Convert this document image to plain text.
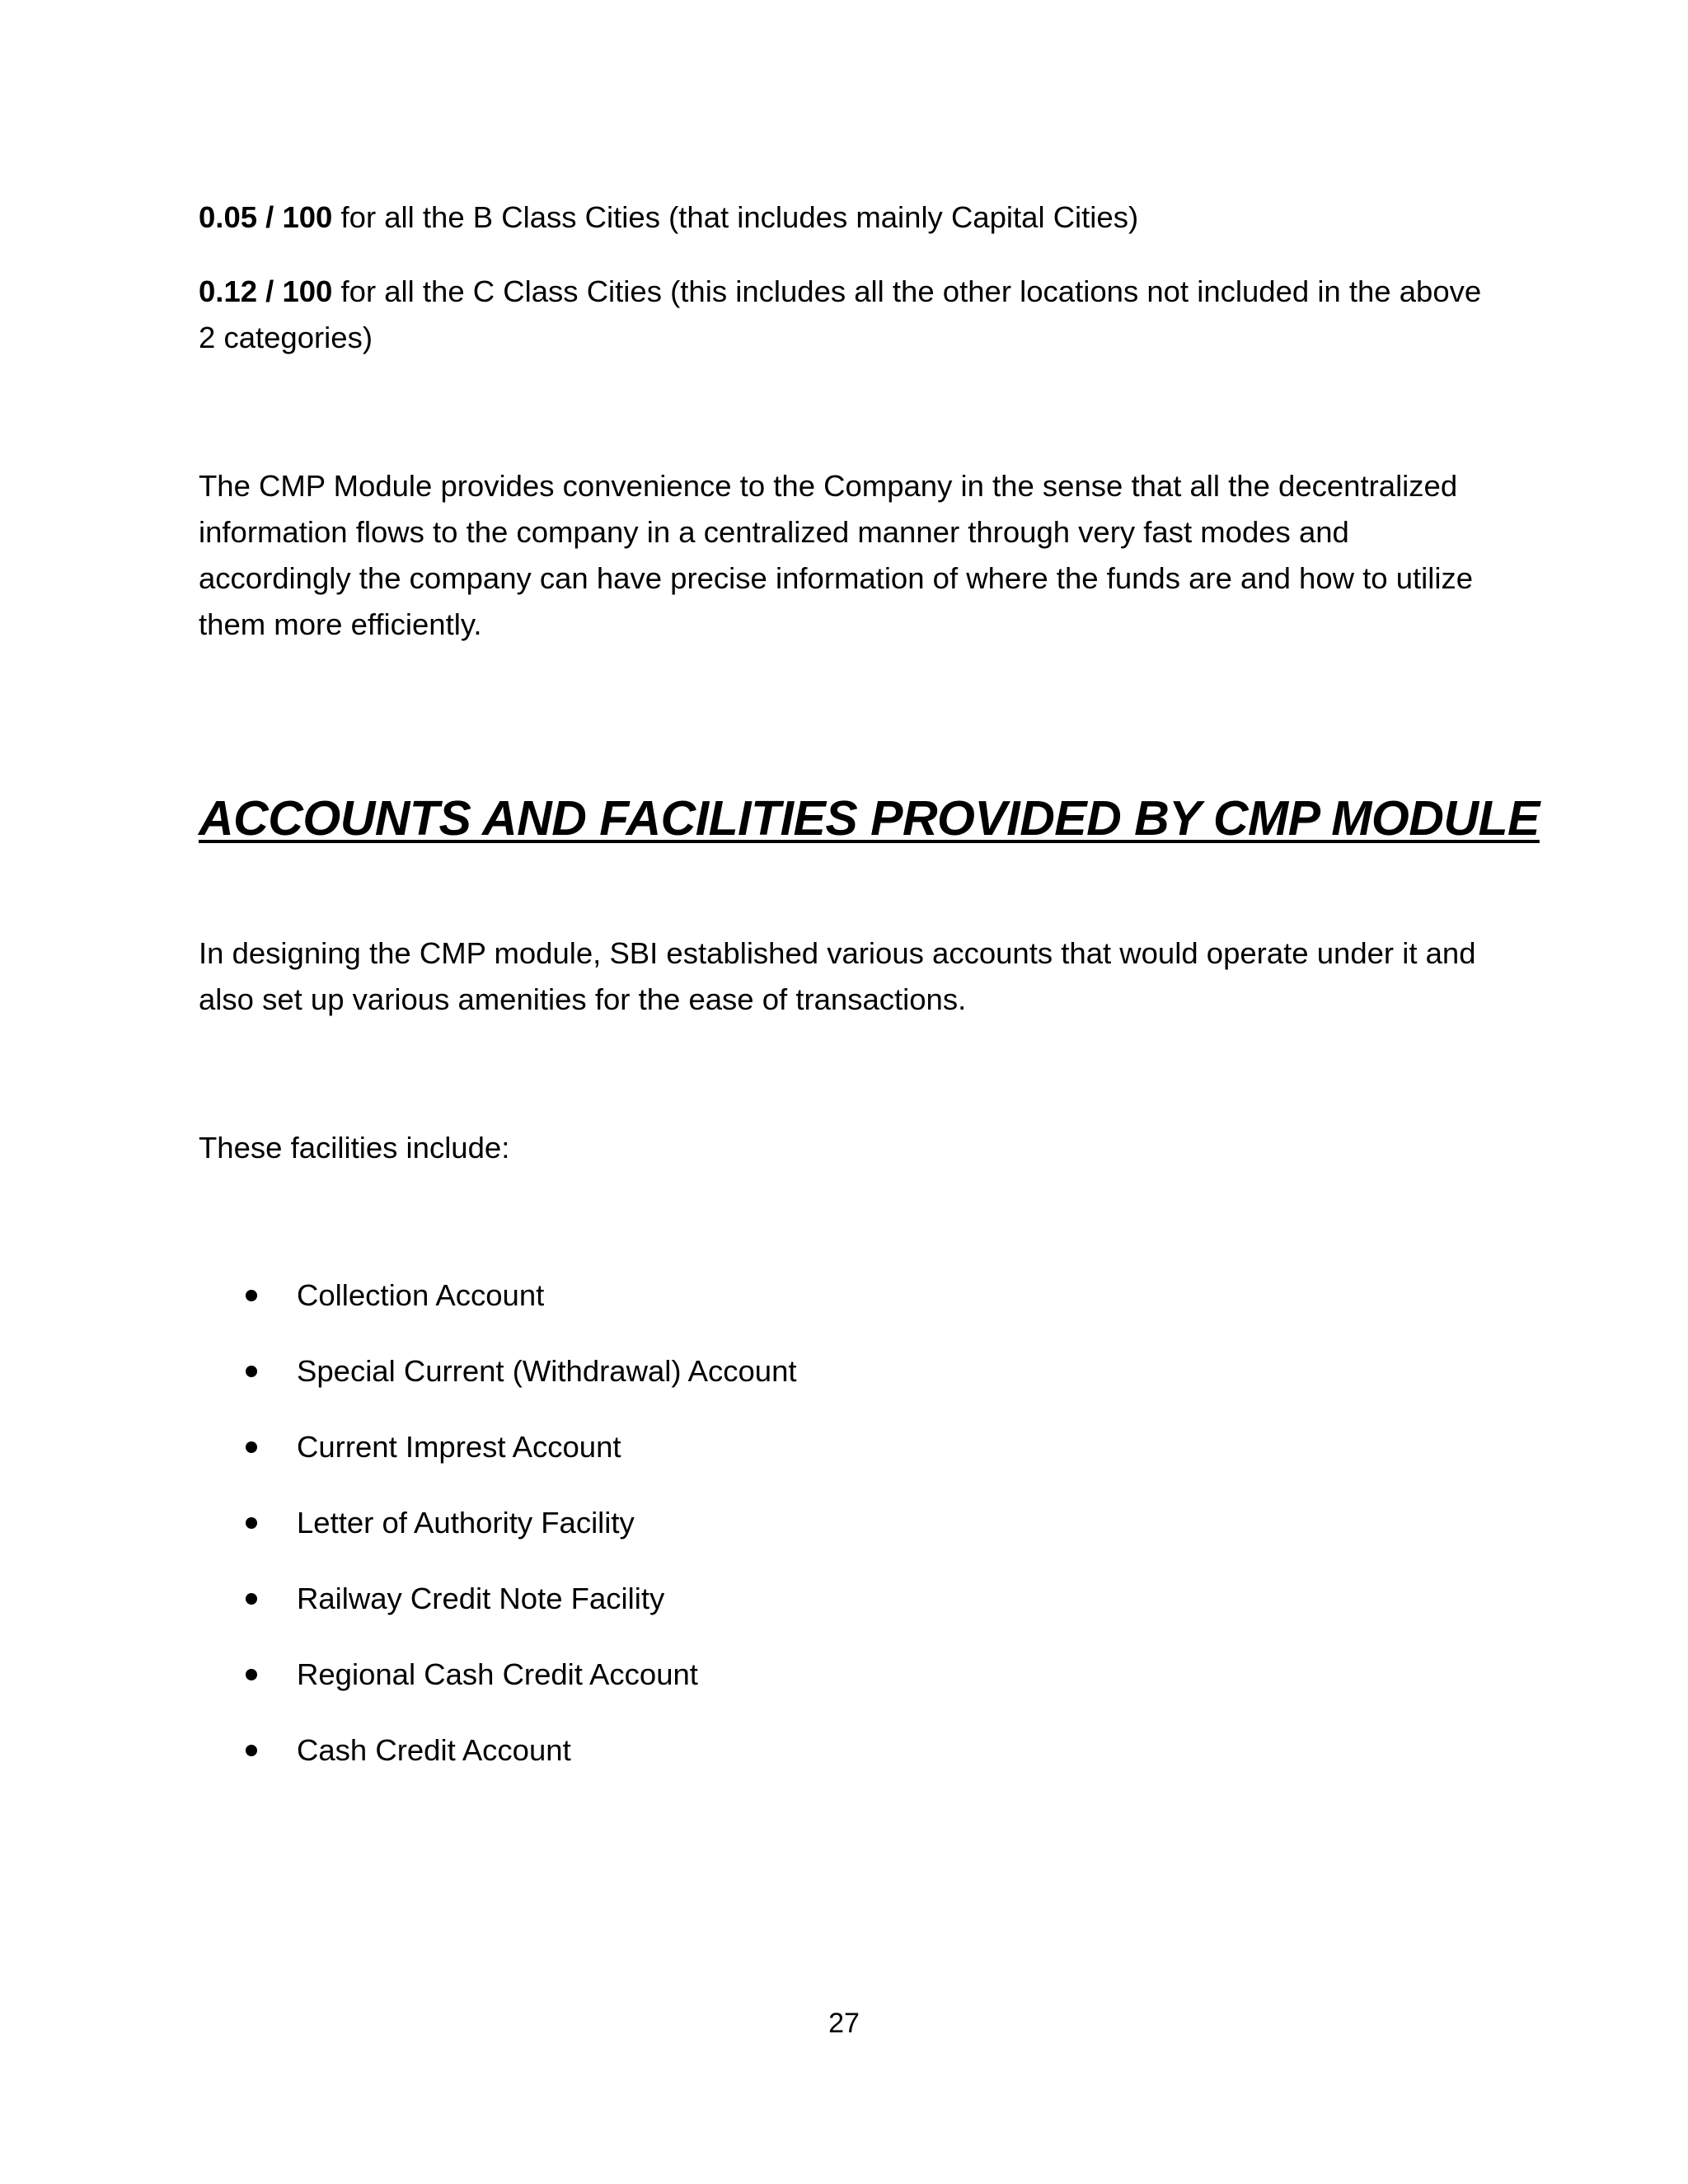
0.05 / 100 for all the B Class Cities (that includes mainly Capital Cities)

0.12 / 100 for all the C Class Cities (this includes all the other locations not included in the above 2 categories)

The CMP Module provides convenience to the Company in the sense that all the decentralized information flows to the company in a centralized manner through very fast modes and accordingly the company can have precise information of where the funds are and how to utilize them more efficiently.

ACCOUNTS AND FACILITIES PROVIDED BY CMP MODULE

In designing the CMP module, SBI established various accounts that would operate under it and also set up various amenities for the ease of transactions.

These facilities include:

Collection Account
Special Current (Withdrawal) Account
Current Imprest Account
Letter of Authority Facility
Railway Credit Note Facility
Regional Cash Credit Account
Cash Credit Account
27
